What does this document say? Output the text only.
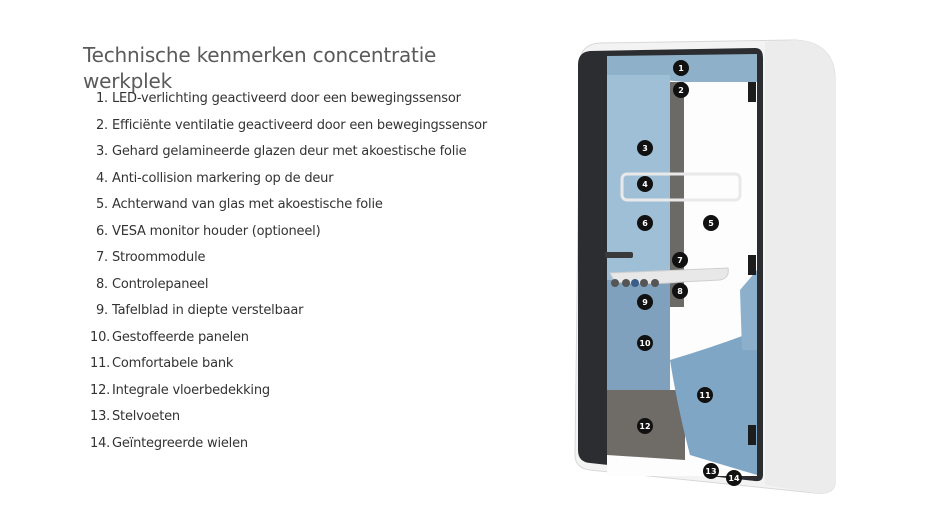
Technische kenmerken concentratie werkplek
1. LED-verlichting geactiveerd door een bewegingssensor
2. Efficiënte ventilatie geactiveerd door een bewegingssensor
3. Gehard gelamineerde glazen deur met akoestische folie
4. Anti-collision markering op de deur
5. Achterwand van glas met akoestische folie
6. VESA monitor houder (optioneel)
7. Stroommodule
8. Controlepaneel
9. Tafelblad in diepte verstelbaar
10. Gestoffeerde panelen
11. Comfortabele bank
12. Integrale vloerbedekking
13. Stelvoeten
14. Geïntegreerde wielen
1
2
3
4
5
6
7
8
9
10
11
12
13
14
